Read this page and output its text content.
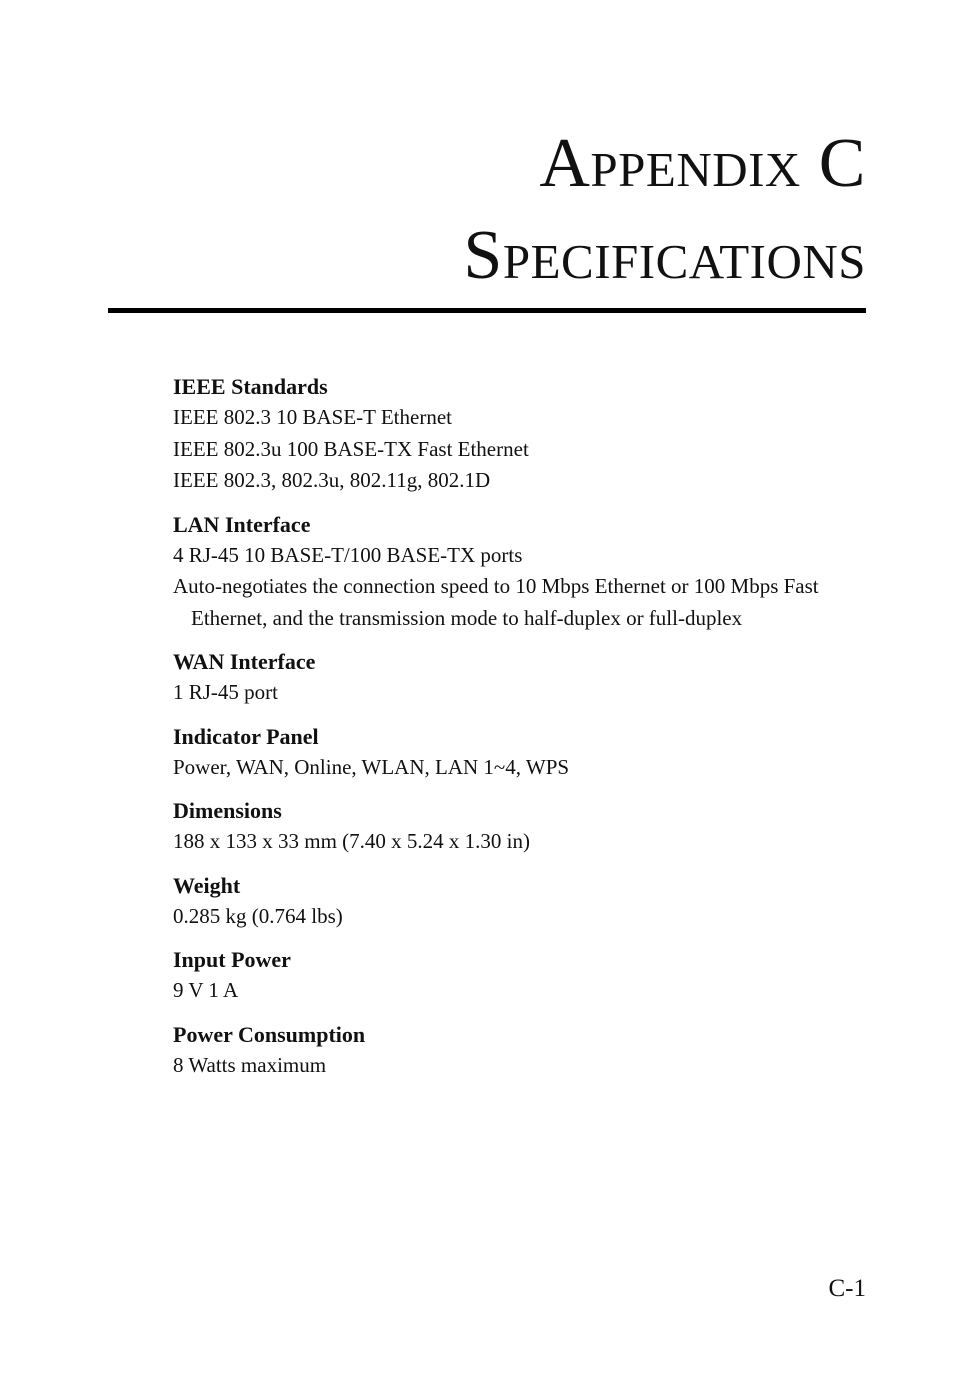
Appendix C
Specifications

IEEE Standards

IEEE 802.3 10 BASE-T Ethernet

IEEE 802.3u 100 BASE-TX Fast Ethernet

IEEE 802.3, 802.3u, 802.11g, 802.1D

LAN Interface

4 RJ-45 10 BASE-T/100 BASE-TX ports

Auto-negotiates the connection speed to 10 Mbps Ethernet or 100 Mbps Fast Ethernet, and the transmission mode to half-duplex or full-duplex

WAN Interface

1 RJ-45 port

Indicator Panel

Power, WAN, Online, WLAN, LAN 1~4, WPS

Dimensions

188 x 133 x 33 mm (7.40 x 5.24 x 1.30 in)

Weight

0.285 kg (0.764 lbs)

Input Power

9 V 1 A

Power Consumption

8 Watts maximum

C-1
